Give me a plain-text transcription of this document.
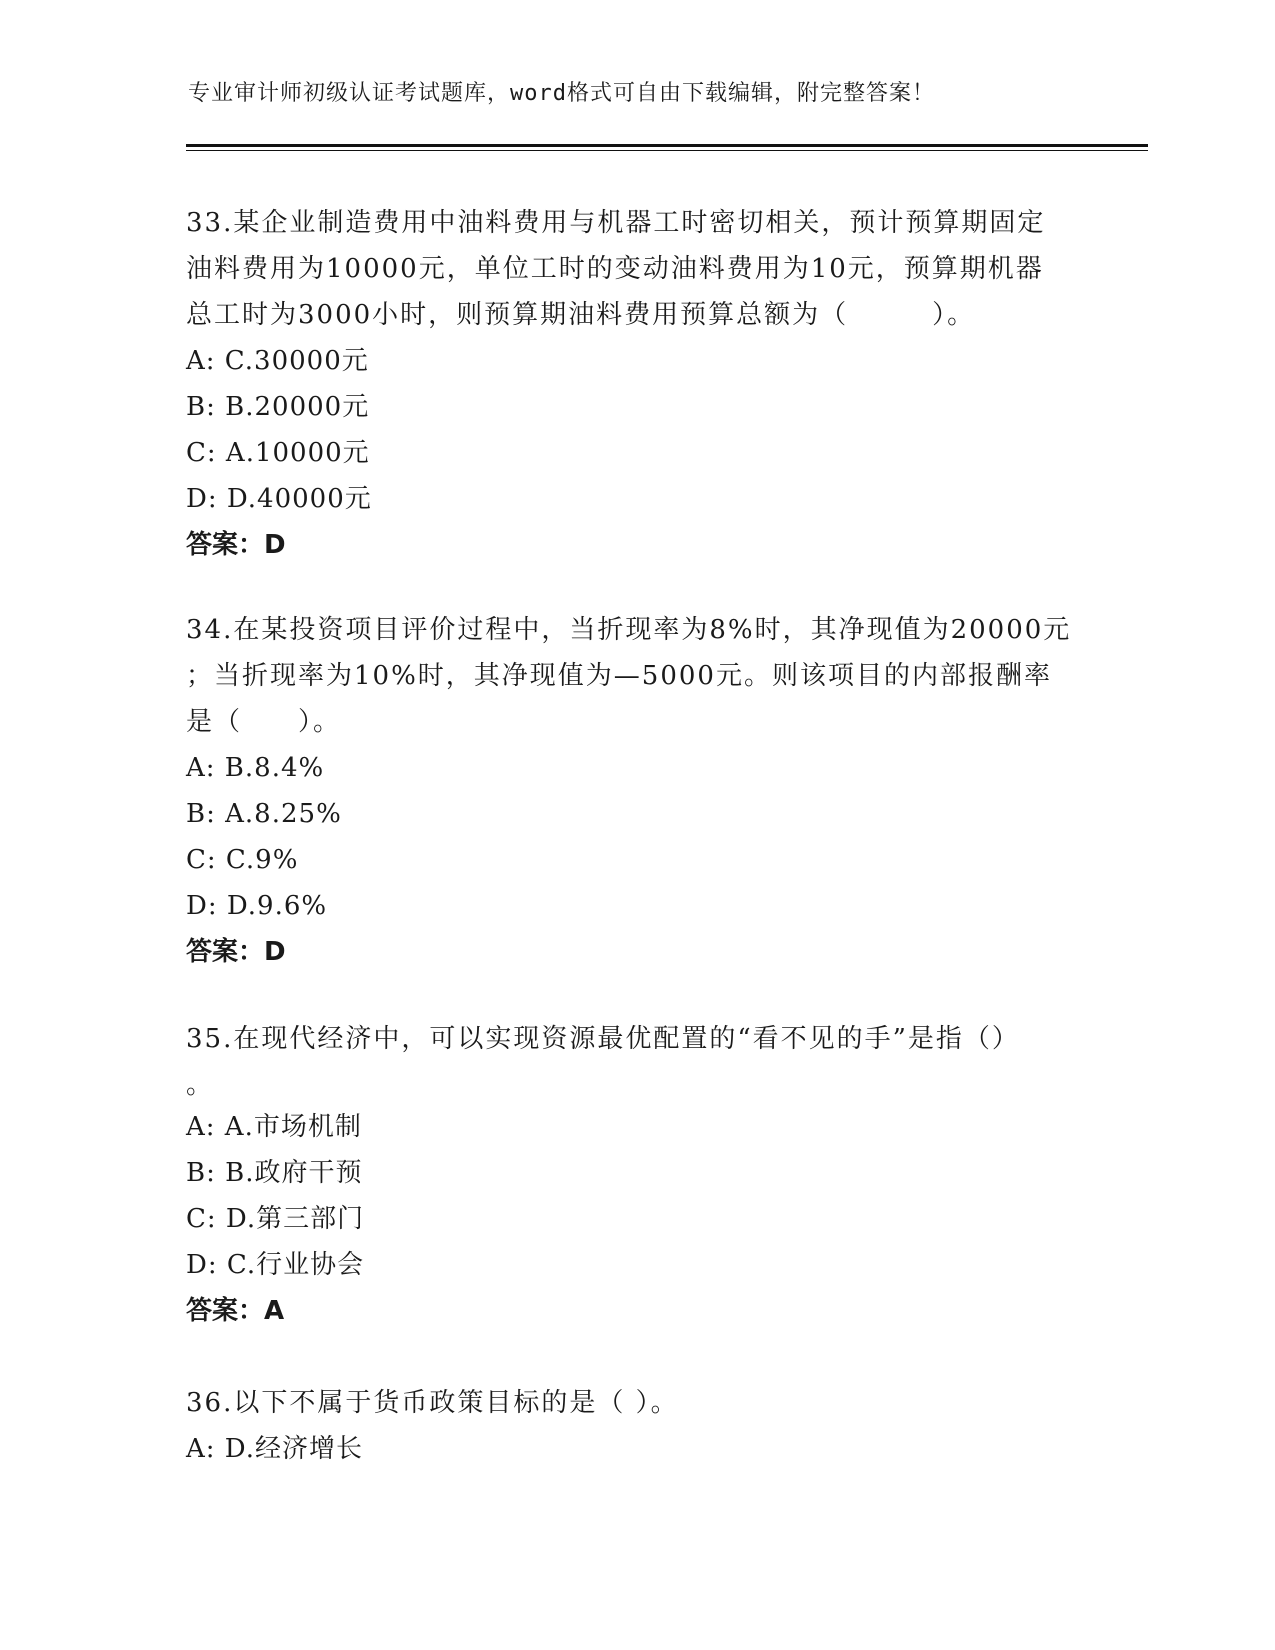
专业审计师初级认证考试题库，word格式可自由下载编辑，附完整答案！
33.某企业制造费用中油料费用与机器工时密切相关，预计预算期固定
油料费用为10000元，单位工时的变动油料费用为10元，预算期机器
总工时为3000小时，则预算期油料费用预算总额为（　　　）。
A: C.30000元
B: B.20000元
C: A.10000元
D: D.40000元
答案：D
34.在某投资项目评价过程中，当折现率为8%时，其净现值为20000元
；当折现率为10%时，其净现值为—5000元。则该项目的内部报酬率
是（　　）。
A: B.8.4%
B: A.8.25%
C: C.9%
D: D.9.6%
答案：D
35.在现代经济中，可以实现资源最优配置的“看不见的手”是指（）
。
A: A.市场机制
B: B.政府干预
C: D.第三部门
D: C.行业协会
答案：A
36.以下不属于货币政策目标的是（ ）。
A: D.经济增长
